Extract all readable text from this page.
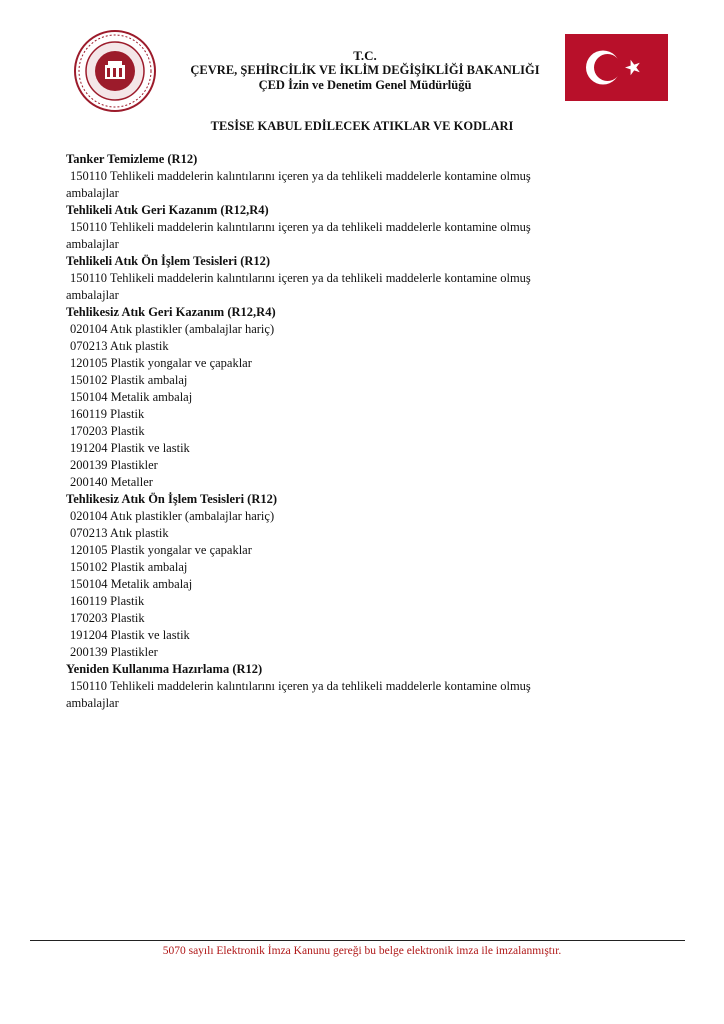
T.C.
ÇEVRE, ŞEHİRCİLİK VE İKLİM DEĞİŞİKLİĞİ BAKANLIĞI
ÇED İzin ve Denetim Genel Müdürlüğü
TESİSE KABUL EDİLECEK ATIKLAR VE KODLARI
Tanker Temizleme (R12)
150110 Tehlikeli maddelerin kalıntılarını içeren ya da tehlikeli maddelerle kontamine olmuş
ambalajlar
Tehlikeli Atık Geri Kazanım (R12,R4)
150110 Tehlikeli maddelerin kalıntılarını içeren ya da tehlikeli maddelerle kontamine olmuş
ambalajlar
Tehlikeli Atık Ön İşlem Tesisleri (R12)
150110 Tehlikeli maddelerin kalıntılarını içeren ya da tehlikeli maddelerle kontamine olmuş
ambalajlar
Tehlikesiz Atık Geri Kazanım (R12,R4)
020104 Atık plastikler (ambalajlar hariç)
070213 Atık plastik
120105 Plastik yongalar ve çapaklar
150102 Plastik ambalaj
150104 Metalik ambalaj
160119 Plastik
170203 Plastik
191204 Plastik ve lastik
200139 Plastikler
200140 Metaller
Tehlikesiz Atık Ön İşlem Tesisleri (R12)
020104 Atık plastikler (ambalajlar hariç)
070213 Atık plastik
120105 Plastik yongalar ve çapaklar
150102 Plastik ambalaj
150104 Metalik ambalaj
160119 Plastik
170203 Plastik
191204 Plastik ve lastik
200139 Plastikler
Yeniden Kullanıma Hazırlama (R12)
150110 Tehlikeli maddelerin kalıntılarını içeren ya da tehlikeli maddelerle kontamine olmuş
ambalajlar
5070 sayılı Elektronik İmza Kanunu gereği bu belge elektronik imza ile imzalanmıştır.
